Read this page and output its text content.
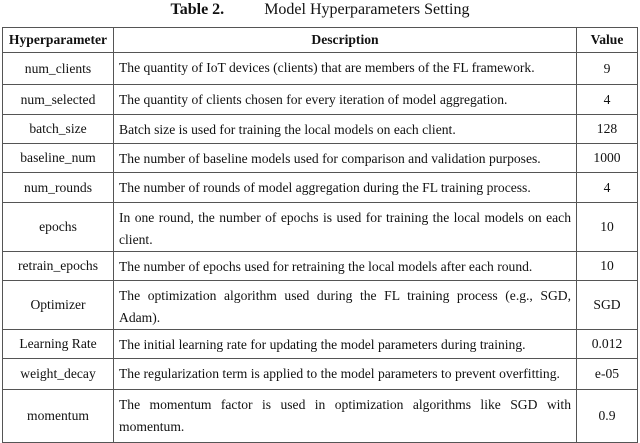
Table 2.	Model Hyperparameters Setting
Hyperparameter	Description	Value
num_clients	The quantity of IoT devices (clients) that are members of the FL framework.	9
num_selected	The quantity of clients chosen for every iteration of model aggregation.	4
batch_size	Batch size is used for training the local models on each client.	128
baseline_num	The number of baseline models used for comparison and validation purposes.	1000
num_rounds	The number of rounds of model aggregation during the FL training process.	4
epochs	In one round, the number of epochs is used for training the local models on each client.	10
retrain_epochs	The number of epochs used for retraining the local models after each round.	10
Optimizer	The optimization algorithm used during the FL training process (e.g., SGD, Adam).	SGD
Learning Rate	The initial learning rate for updating the model parameters during training.	0.012
weight_decay	The regularization term is applied to the model parameters to prevent overfitting.	e-05
momentum	The momentum factor is used in optimization algorithms like SGD with momentum.	0.9
